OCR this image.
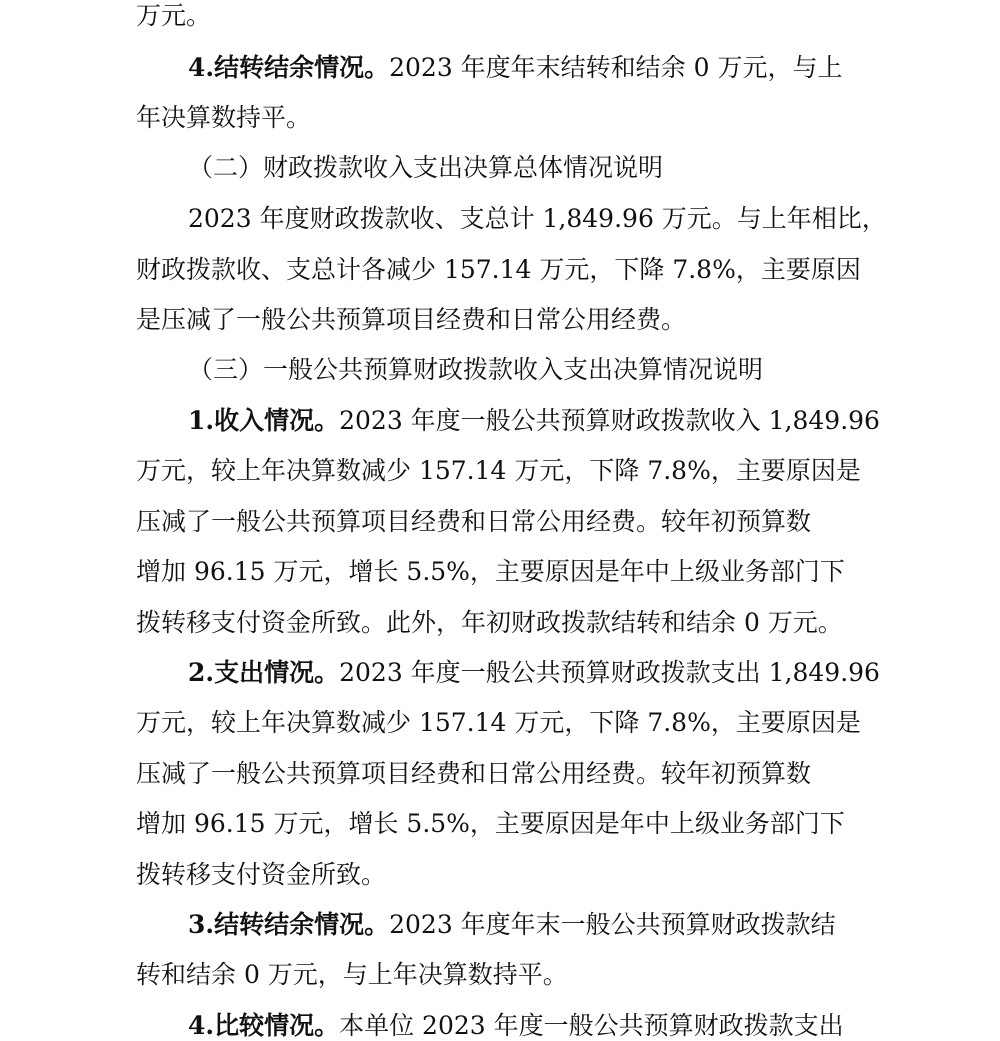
万元。

4.结转结余情况。2023 年度年末结转和结余 0 万元，与上

年决算数持平。

（二）财政拨款收入支出决算总体情况说明

2023 年度财政拨款收、支总计 1,849.96 万元。与上年相比，

财政拨款收、支总计各减少 157.14 万元，下降 7.8%，主要原因

是压减了一般公共预算项目经费和日常公用经费。

（三）一般公共预算财政拨款收入支出决算情况说明

1.收入情况。2023 年度一般公共预算财政拨款收入 1,849.96

万元，较上年决算数减少 157.14 万元，下降 7.8%，主要原因是

压减了一般公共预算项目经费和日常公用经费。较年初预算数

增加 96.15 万元，增长 5.5%，主要原因是年中上级业务部门下

拨转移支付资金所致。此外，年初财政拨款结转和结余 0 万元。

2.支出情况。2023 年度一般公共预算财政拨款支出 1,849.96

万元，较上年决算数减少 157.14 万元，下降 7.8%，主要原因是

压减了一般公共预算项目经费和日常公用经费。较年初预算数

增加 96.15 万元，增长 5.5%，主要原因是年中上级业务部门下

拨转移支付资金所致。

3.结转结余情况。2023 年度年末一般公共预算财政拨款结

转和结余 0 万元，与上年决算数持平。

4.比较情况。本单位 2023 年度一般公共预算财政拨款支出
